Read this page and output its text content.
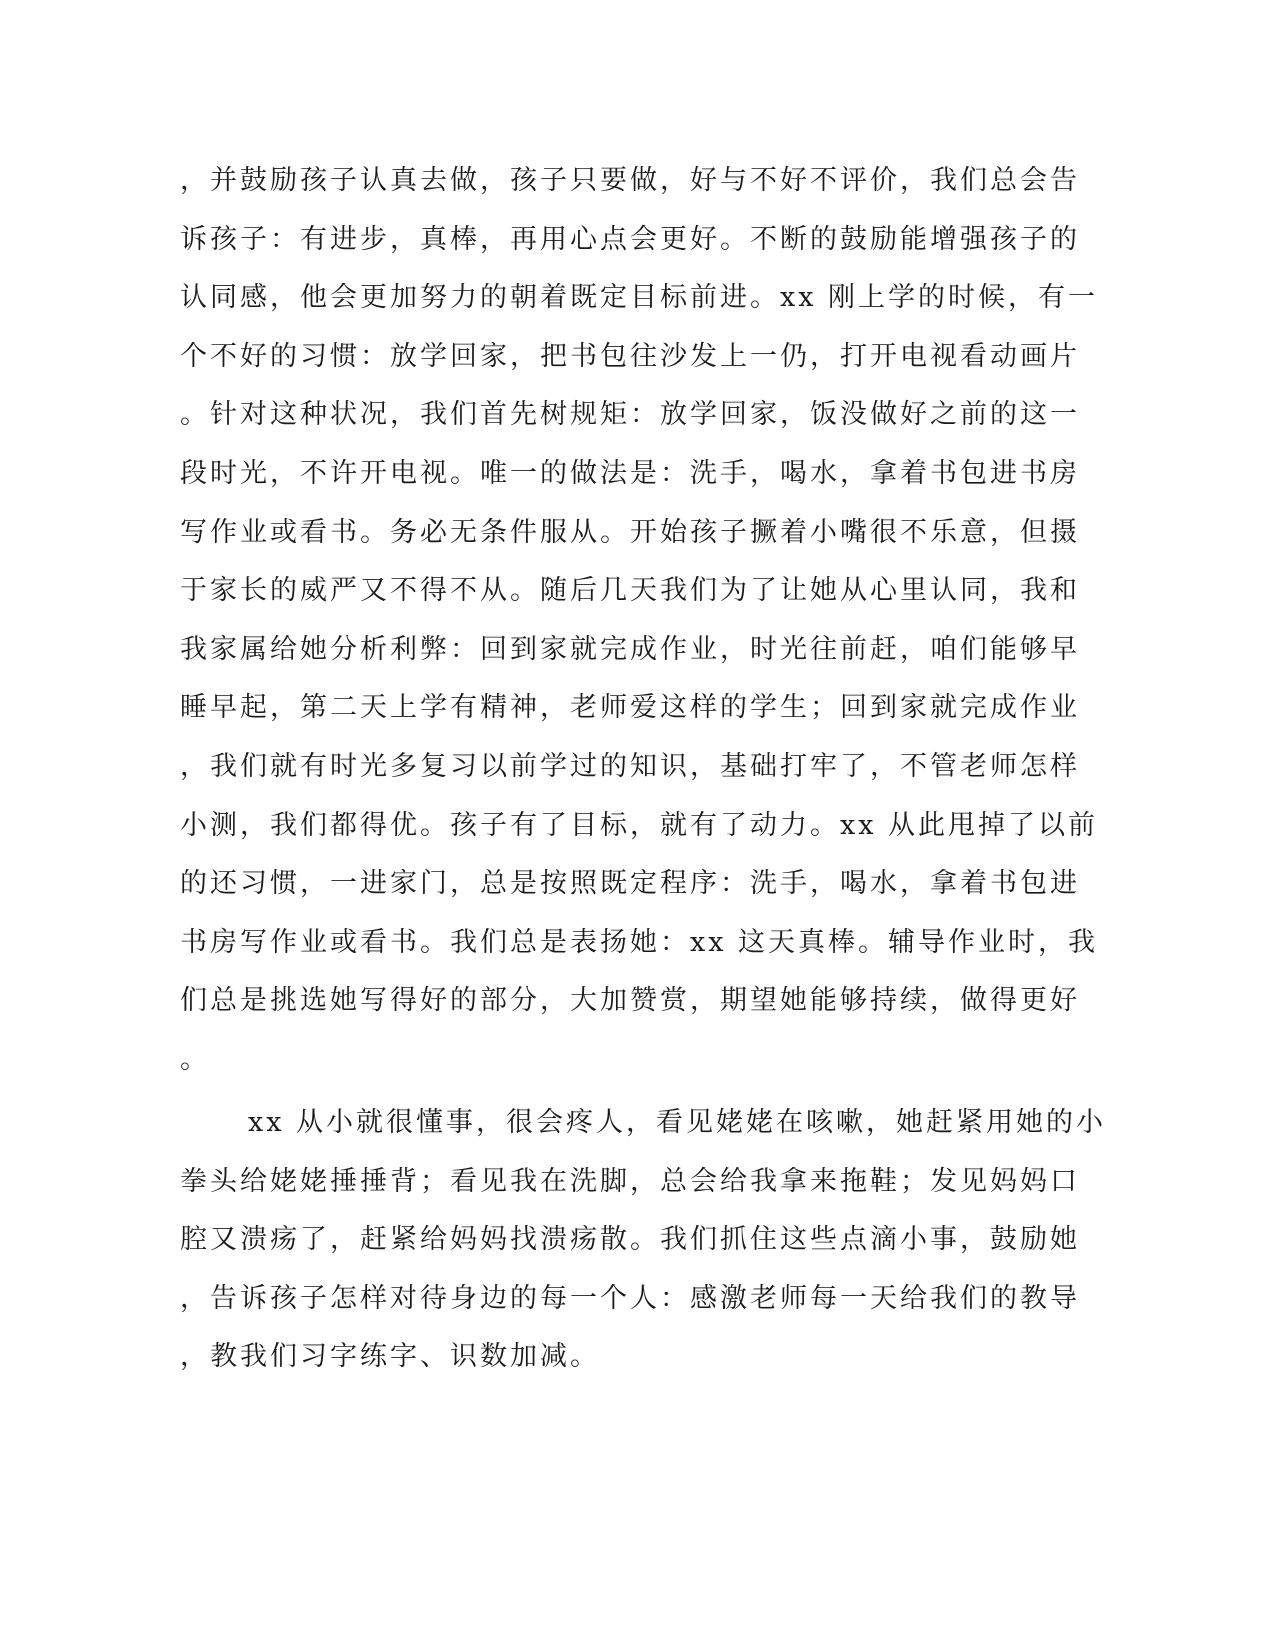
，并鼓励孩子认真去做，孩子只要做，好与不好不评价，我们总会告
诉孩子：有进步，真棒，再用心点会更好。不断的鼓励能增强孩子的
认同感，他会更加努力的朝着既定目标前进。xx 刚上学的时候，有一
个不好的习惯：放学回家，把书包往沙发上一仍，打开电视看动画片
。针对这种状况，我们首先树规矩：放学回家，饭没做好之前的这一
段时光，不许开电视。唯一的做法是：洗手，喝水，拿着书包进书房
写作业或看书。务必无条件服从。开始孩子撅着小嘴很不乐意，但摄
于家长的威严又不得不从。随后几天我们为了让她从心里认同，我和
我家属给她分析利弊：回到家就完成作业，时光往前赶，咱们能够早
睡早起，第二天上学有精神，老师爱这样的学生；回到家就完成作业
，我们就有时光多复习以前学过的知识，基础打牢了，不管老师怎样
小测，我们都得优。孩子有了目标，就有了动力。xx 从此甩掉了以前
的还习惯，一进家门，总是按照既定程序：洗手，喝水，拿着书包进
书房写作业或看书。我们总是表扬她：xx 这天真棒。辅导作业时，我
们总是挑选她写得好的部分，大加赞赏，期望她能够持续，做得更好
。
xx 从小就很懂事，很会疼人，看见姥姥在咳嗽，她赶紧用她的小
拳头给姥姥捶捶背；看见我在洗脚，总会给我拿来拖鞋；发见妈妈口
腔又溃疡了，赶紧给妈妈找溃疡散。我们抓住这些点滴小事，鼓励她
，告诉孩子怎样对待身边的每一个人：感激老师每一天给我们的教导
，教我们习字练字、识数加减。
